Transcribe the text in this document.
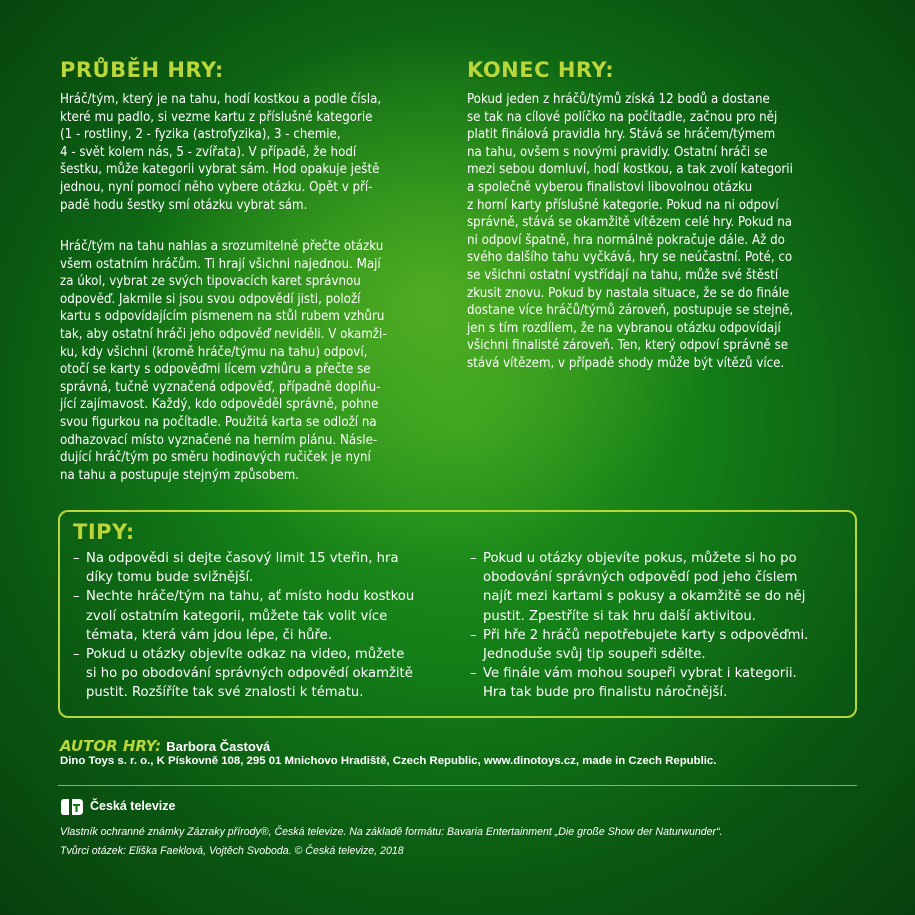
PRŮBĚH HRY:

Hráč/tým, který je na tahu, hodí kostkou a podle čísla,
které mu padlo, si vezme kartu z příslušné kategorie
(1 - rostliny, 2 - fyzika (astrofyzika), 3 - chemie,
4 - svět kolem nás, 5 - zvířata). V případě, že hodí
šestku, může kategorii vybrat sám. Hod opakuje ještě
jednou, nyní pomocí něho vybere otázku. Opět v pří-
padě hodu šestky smí otázku vybrat sám.

Hráč/tým na tahu nahlas a srozumitelně přečte otázku
všem ostatním hráčům. Ti hrají všichni najednou. Mají
za úkol, vybrat ze svých tipovacích karet správnou
odpověď. Jakmile si jsou svou odpovědí jisti, položí
kartu s odpovídajícím písmenem na stůl rubem vzhůru
tak, aby ostatní hráči jeho odpověď neviděli. V okamži-
ku, kdy všichni (kromě hráče/týmu na tahu) odpoví,
otočí se karty s odpověďmi lícem vzhůru a přečte se
správná, tučně vyznačená odpověď, případně doplňu-
jící zajímavost. Každý, kdo odpověděl správně, pohne
svou figurkou na počítadle. Použitá karta se odloží na
odhazovací místo vyznačené na herním plánu. Násle-
dující hráč/tým po směru hodinových ručiček je nyní
na tahu a postupuje stejným způsobem.

KONEC HRY:

Pokud jeden z hráčů/týmů získá 12 bodů a dostane
se tak na cílové políčko na počítadle, začnou pro něj
platit finálová pravidla hry. Stává se hráčem/týmem
na tahu, ovšem s novými pravidly. Ostatní hráči se
mezi sebou domluví, hodí kostkou, a tak zvolí kategorii
a společně vyberou finalistovi libovolnou otázku
z horní karty příslušné kategorie. Pokud na ni odpoví
správně, stává se okamžitě vítězem celé hry. Pokud na
ni odpoví špatně, hra normálně pokračuje dále. Až do
svého dalšího tahu vyčkává, hry se neúčastní. Poté, co
se všichni ostatní vystřídají na tahu, může své štěstí
zkusit znovu. Pokud by nastala situace, že se do finále
dostane více hráčů/týmů zároveň, postupuje se stejně,
jen s tím rozdílem, že na vybranou otázku odpovídají
všichni finalisté zároveň. Ten, který odpoví správně se
stává vítězem, v případě shody může být vítězů více.

TIPY:
– Na odpovědi si dejte časový limit 15 vteřin, hra
díky tomu bude svižnější.
– Nechte hráče/tým na tahu, ať místo hodu kostkou
zvolí ostatním kategorii, můžete tak volit více
témata, která vám jdou lépe, či hůře.
– Pokud u otázky objevíte odkaz na video, můžete
si ho po obodování správných odpovědí okamžitě
pustit. Rozšíříte tak své znalosti k tématu.
– Pokud u otázky objevíte pokus, můžete si ho po
obodování správných odpovědí pod jeho číslem
najít mezi kartami s pokusy a okamžitě se do něj
pustit. Zpestříte si tak hru další aktivitou.
– Při hře 2 hráčů nepotřebujete karty s odpověďmi.
Jednoduše svůj tip soupeři sdělte.
– Ve finále vám mohou soupeři vybrat i kategorii.
Hra tak bude pro finalistu náročnější.
AUTOR HRY: Barbora Častová

Dino Toys s. r. o., K Pískovně 108, 295 01 Mnichovo Hradiště, Czech Republic, www.dinotoys.cz, made in Czech Republic.

Česká televize

Vlastník ochranné známky Zázraky přírody®, Česká televize. Na základě formátu: Bavaria Entertainment „Die große Show der Naturwunder“.

Tvůrci otázek: Eliška Faeklová, Vojtěch Svoboda. © Česká televize, 2018
